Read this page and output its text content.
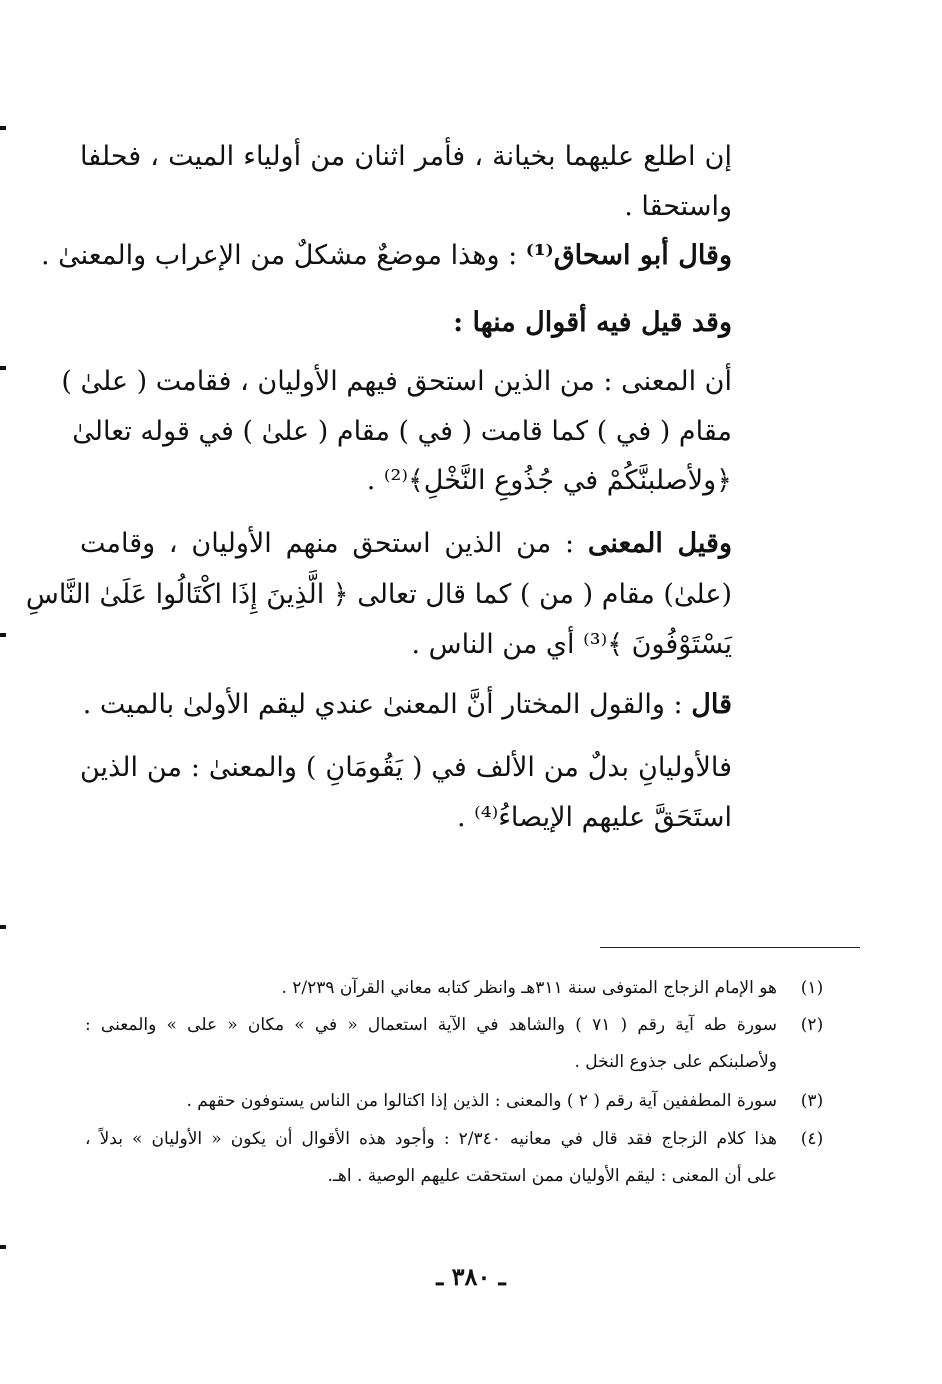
إن اطلع عليهما بخيانة ، فأمر اثنان من أولياء الميت ، فحلفا
واستحقا .
وقال أبو اسحاق⁽¹⁾ : وهذا موضعٌ مشكلٌ من الإعراب والمعنىٰ .
وقد قيل فيه أقوال منها :
أن المعنى : من الذين استحق فيهم الأوليان ، فقامت ( علىٰ )
مقام ( في ) كما قامت ( في ) مقام ( علىٰ ) في قوله تعالىٰ
﴿ولأصلبنَّكُمْ في جُذُوعِ النَّخْلِ﴾⁽²⁾ .
وقيل المعنى : من الذين استحق منهم الأوليان ، وقامت
(علىٰ) مقام ( من ) كما قال تعالى ﴿ الَّذِينَ إِذَا اكْتَالُوا عَلَىٰ النَّاسِ
يَسْتَوْفُونَ ﴾⁽³⁾ أي من الناس .
قال : والقول المختار أنَّ المعنىٰ عندي ليقم الأولىٰ بالميت .
فالأوليانِ بدلٌ من الألف في ( يَقُومَانِ ) والمعنىٰ : من الذين
استَحَقَّ عليهم الإيصاءُ⁽⁴⁾ .
(١)
هو الإمام الزجاج المتوفى سنة ٣١١هـ وانظر كتابه معاني القرآن ٢/٢٣٩ .
(٢)
سورة طه آية رقم ( ٧١ ) والشاهد في الآية استعمال « في » مكان « على » والمعنى :
ولأصلبنكم على جذوع النخل .
(٣)
سورة المطففين آية رقم ( ٢ ) والمعنى : الذين إذا اكتالوا من الناس يستوفون حقهم .
(٤)
هذا كلام الزجاج فقد قال في معانيه ٢/٣٤٠ : وأجود هذه الأقوال أن يكون « الأوليان » بدلاً ،
على أن المعنى : ليقم الأوليان ممن استحقت عليهم الوصية . اهـ.
ـ ٣٨٠ ـ
